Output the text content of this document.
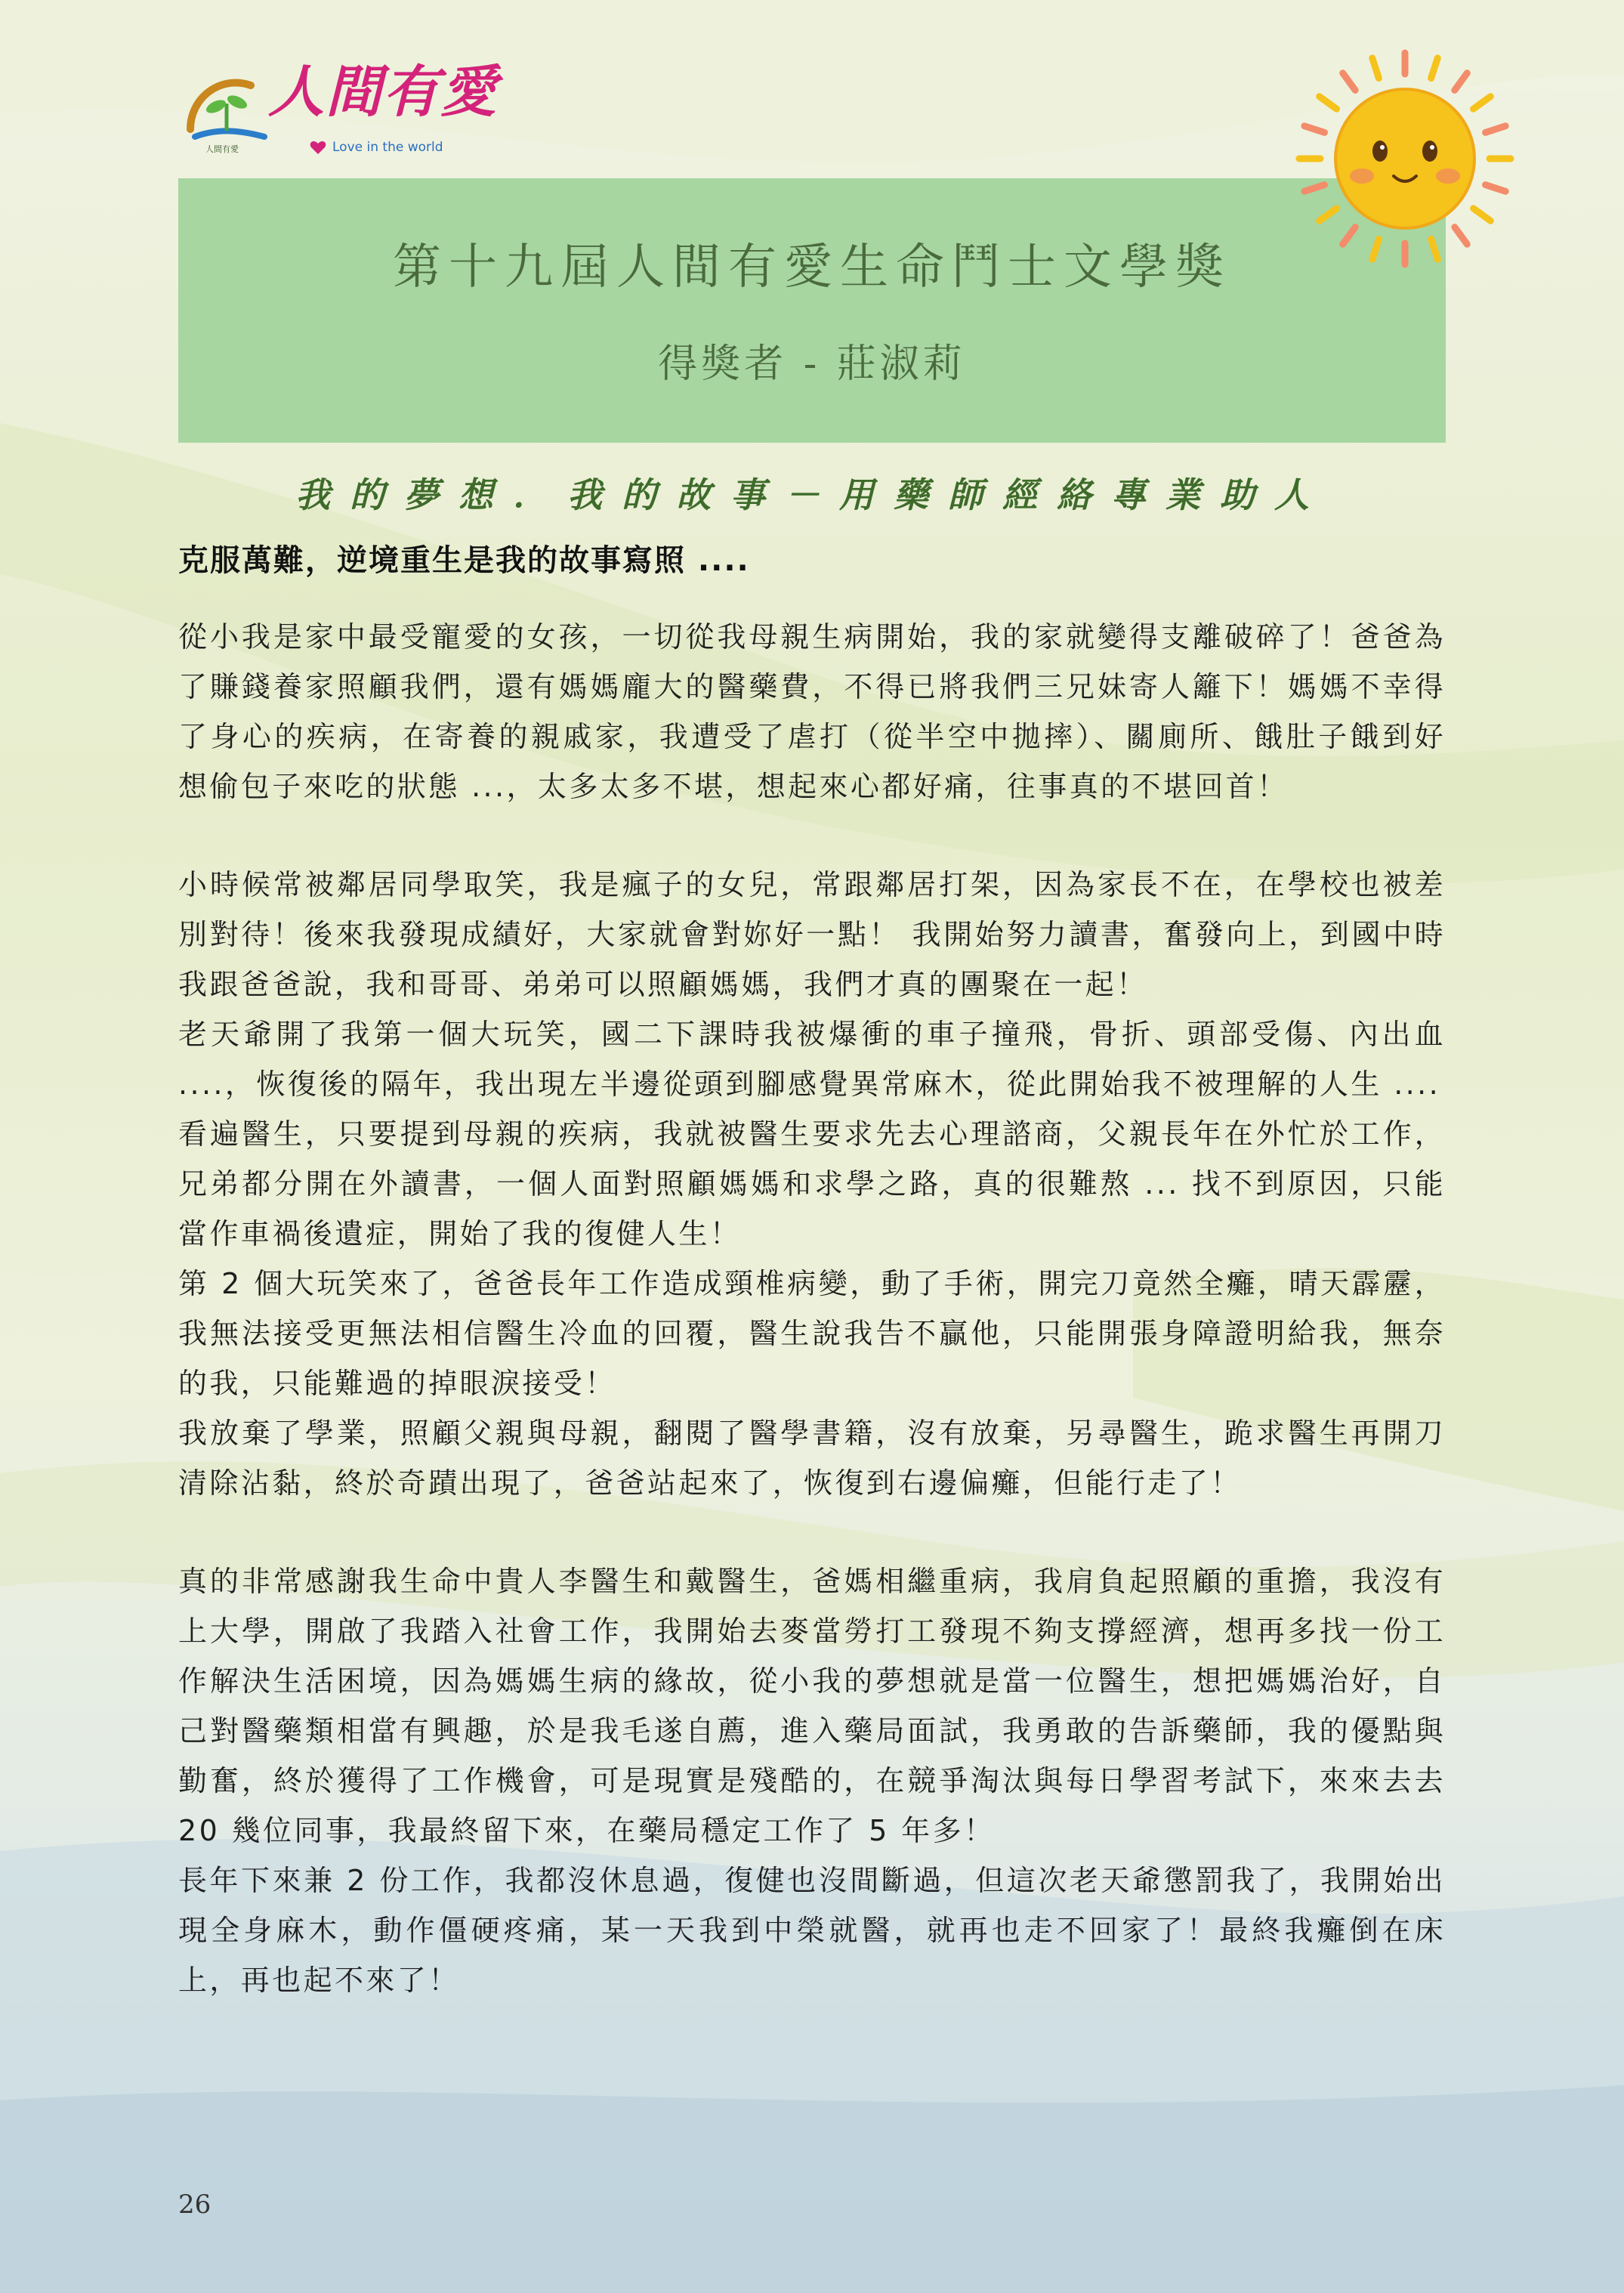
人間有愛
Love in the world
人間有愛
第十九屆人間有愛生命鬥士文學獎
得獎者 - 莊淑莉
我的夢想．我的故事－用藥師經絡專業助人
克服萬難，逆境重生是我的故事寫照 ....

從小我是家中最受寵愛的女孩，一切從我母親生病開始，我的家就變得支離破碎了！爸爸為了賺錢養家照顧我們，還有媽媽龐大的醫藥費，不得已將我們三兄妹寄人籬下！媽媽不幸得了身心的疾病，在寄養的親戚家，我遭受了虐打（從半空中拋摔）、關廁所、餓肚子餓到好想偷包子來吃的狀態 ...，太多太多不堪，想起來心都好痛，往事真的不堪回首！

小時候常被鄰居同學取笑，我是瘋子的女兒，常跟鄰居打架，因為家長不在，在學校也被差別對待！後來我發現成績好，大家就會對妳好一點！ 我開始努力讀書，奮發向上，到國中時我跟爸爸說，我和哥哥、弟弟可以照顧媽媽，我們才真的團聚在一起！

老天爺開了我第一個大玩笑，國二下課時我被爆衝的車子撞飛，骨折、頭部受傷、內出血 ....，恢復後的隔年，我出現左半邊從頭到腳感覺異常麻木，從此開始我不被理解的人生 ....

看遍醫生，只要提到母親的疾病，我就被醫生要求先去心理諮商，父親長年在外忙於工作，兄弟都分開在外讀書，一個人面對照顧媽媽和求學之路，真的很難熬 ... 找不到原因，只能當作車禍後遺症，開始了我的復健人生！

第 2 個大玩笑來了，爸爸長年工作造成頸椎病變，動了手術，開完刀竟然全癱，晴天霹靂，我無法接受更無法相信醫生冷血的回覆，醫生說我告不贏他，只能開張身障證明給我，無奈的我，只能難過的掉眼淚接受！

我放棄了學業，照顧父親與母親，翻閱了醫學書籍，沒有放棄，另尋醫生，跪求醫生再開刀清除沾黏，終於奇蹟出現了，爸爸站起來了，恢復到右邊偏癱，但能行走了！

真的非常感謝我生命中貴人李醫生和戴醫生，爸媽相繼重病，我肩負起照顧的重擔，我沒有上大學，開啟了我踏入社會工作，我開始去麥當勞打工發現不夠支撐經濟，想再多找一份工作解決生活困境，因為媽媽生病的緣故，從小我的夢想就是當一位醫生，想把媽媽治好，自己對醫藥類相當有興趣，於是我毛遂自薦，進入藥局面試，我勇敢的告訴藥師，我的優點與勤奮，終於獲得了工作機會，可是現實是殘酷的，在競爭淘汰與每日學習考試下，來來去去 20 幾位同事，我最終留下來，在藥局穩定工作了 5 年多！

長年下來兼 2 份工作，我都沒休息過，復健也沒間斷過，但這次老天爺懲罰我了，我開始出現全身麻木，動作僵硬疼痛，某一天我到中榮就醫，就再也走不回家了！最終我癱倒在床上，再也起不來了！

26
